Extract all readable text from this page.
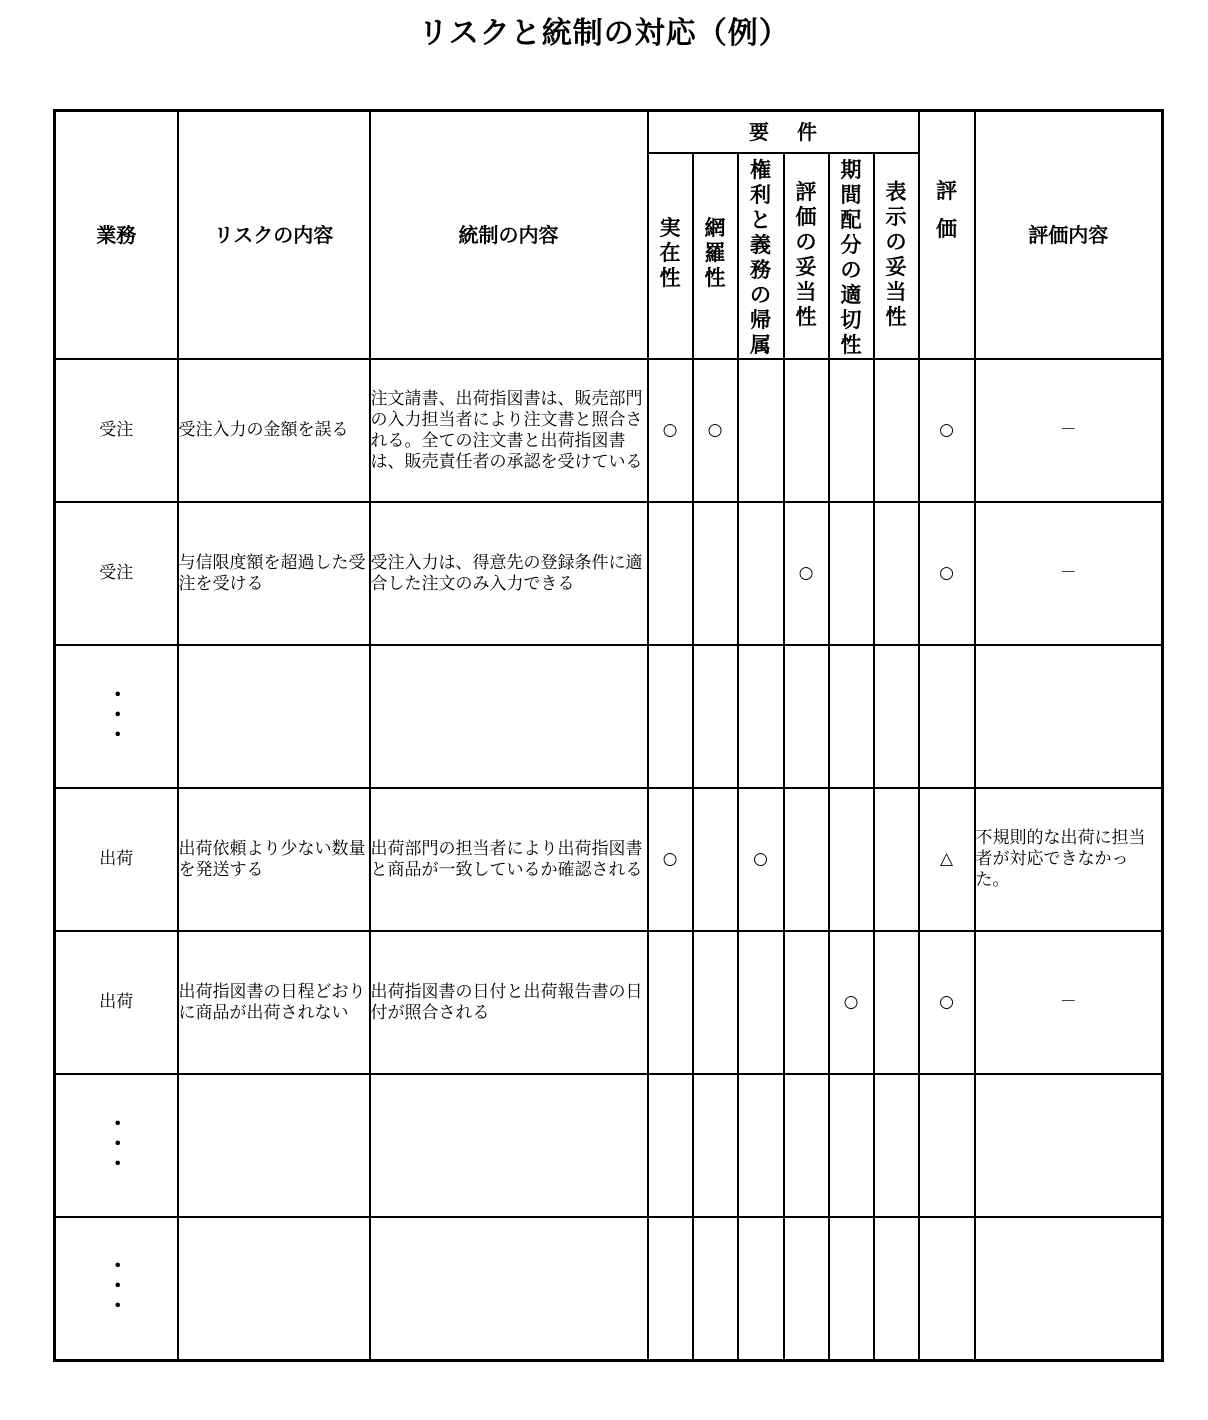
リスクと統制の対応（例）
業務	リスクの内容	統制の内容	要件						評価	評価内容
			実在性	網羅性	権利と義務の帰属	評価の妥当性	期間配分の適切性	表示の妥当性		
受注	受注入力の金額を誤る	注文請書、出荷指図書は、販売部門の入力担当者により注文書と照合される。全ての注文書と出荷指図書は、販売責任者の承認を受けている	○	○					○	－
受注	与信限度額を超過した受注を受ける	受注入力は、得意先の登録条件に適合した注文のみ入力できる				○			○	－
・・・										
出荷	出荷依頼より少ない数量を発送する	出荷部門の担当者により出荷指図書と商品が一致しているか確認される	○		○				△	不規則的な出荷に担当者が対応できなかった。
出荷	出荷指図書の日程どおりに商品が出荷されない	出荷指図書の日付と出荷報告書の日付が照合される					○		○	－
・・・										
・・・										
